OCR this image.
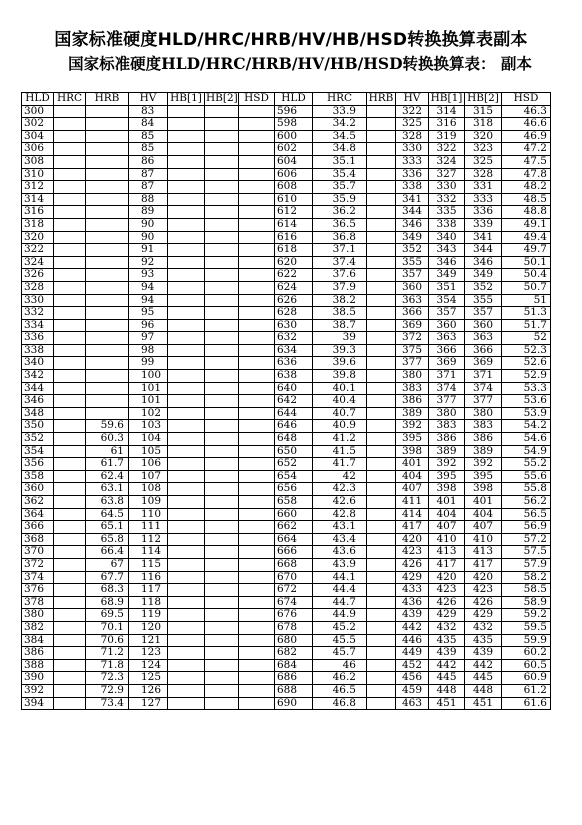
国家标准硬度HLD/HRC/HRB/HV/HB/HSD转换换算表副本
国家标准硬度HLD/HRC/HRB/HV/HB/HSD转换换算表： 副本
HLD	HRC	HRB	HV	HB[1]	HB[2]	HSD	HLD	HRC	HRB	HV	HB[1]	HB[2]	HSD
300			83				596	33.9		322	314	315	46.3
302			84				598	34.2		325	316	318	46.6
304			85				600	34.5		328	319	320	46.9
306			85				602	34.8		330	322	323	47.2
308			86				604	35.1		333	324	325	47.5
310			87				606	35.4		336	327	328	47.8
312			87				608	35.7		338	330	331	48.2
314			88				610	35.9		341	332	333	48.5
316			89				612	36.2		344	335	336	48.8
318			90				614	36.5		346	338	339	49.1
320			90				616	36.8		349	340	341	49.4
322			91				618	37.1		352	343	344	49.7
324			92				620	37.4		355	346	346	50.1
326			93				622	37.6		357	349	349	50.4
328			94				624	37.9		360	351	352	50.7
330			94				626	38.2		363	354	355	51
332			95				628	38.5		366	357	357	51.3
334			96				630	38.7		369	360	360	51.7
336			97				632	39		372	363	363	52
338			98				634	39.3		375	366	366	52.3
340			99				636	39.6		377	369	369	52.6
342			100				638	39.8		380	371	371	52.9
344			101				640	40.1		383	374	374	53.3
346			101				642	40.4		386	377	377	53.6
348			102				644	40.7		389	380	380	53.9
350		59.6	103				646	40.9		392	383	383	54.2
352		60.3	104				648	41.2		395	386	386	54.6
354		61	105				650	41.5		398	389	389	54.9
356		61.7	106				652	41.7		401	392	392	55.2
358		62.4	107				654	42		404	395	395	55.6
360		63.1	108				656	42.3		407	398	398	55.8
362		63.8	109				658	42.6		411	401	401	56.2
364		64.5	110				660	42.8		414	404	404	56.5
366		65.1	111				662	43.1		417	407	407	56.9
368		65.8	112				664	43.4		420	410	410	57.2
370		66.4	114				666	43.6		423	413	413	57.5
372		67	115				668	43.9		426	417	417	57.9
374		67.7	116				670	44.1		429	420	420	58.2
376		68.3	117				672	44.4		433	423	423	58.5
378		68.9	118				674	44.7		436	426	426	58.9
380		69.5	119				676	44.9		439	429	429	59.2
382		70.1	120				678	45.2		442	432	432	59.5
384		70.6	121				680	45.5		446	435	435	59.9
386		71.2	123				682	45.7		449	439	439	60.2
388		71.8	124				684	46		452	442	442	60.5
390		72.3	125				686	46.2		456	445	445	60.9
392		72.9	126				688	46.5		459	448	448	61.2
394		73.4	127				690	46.8		463	451	451	61.6
